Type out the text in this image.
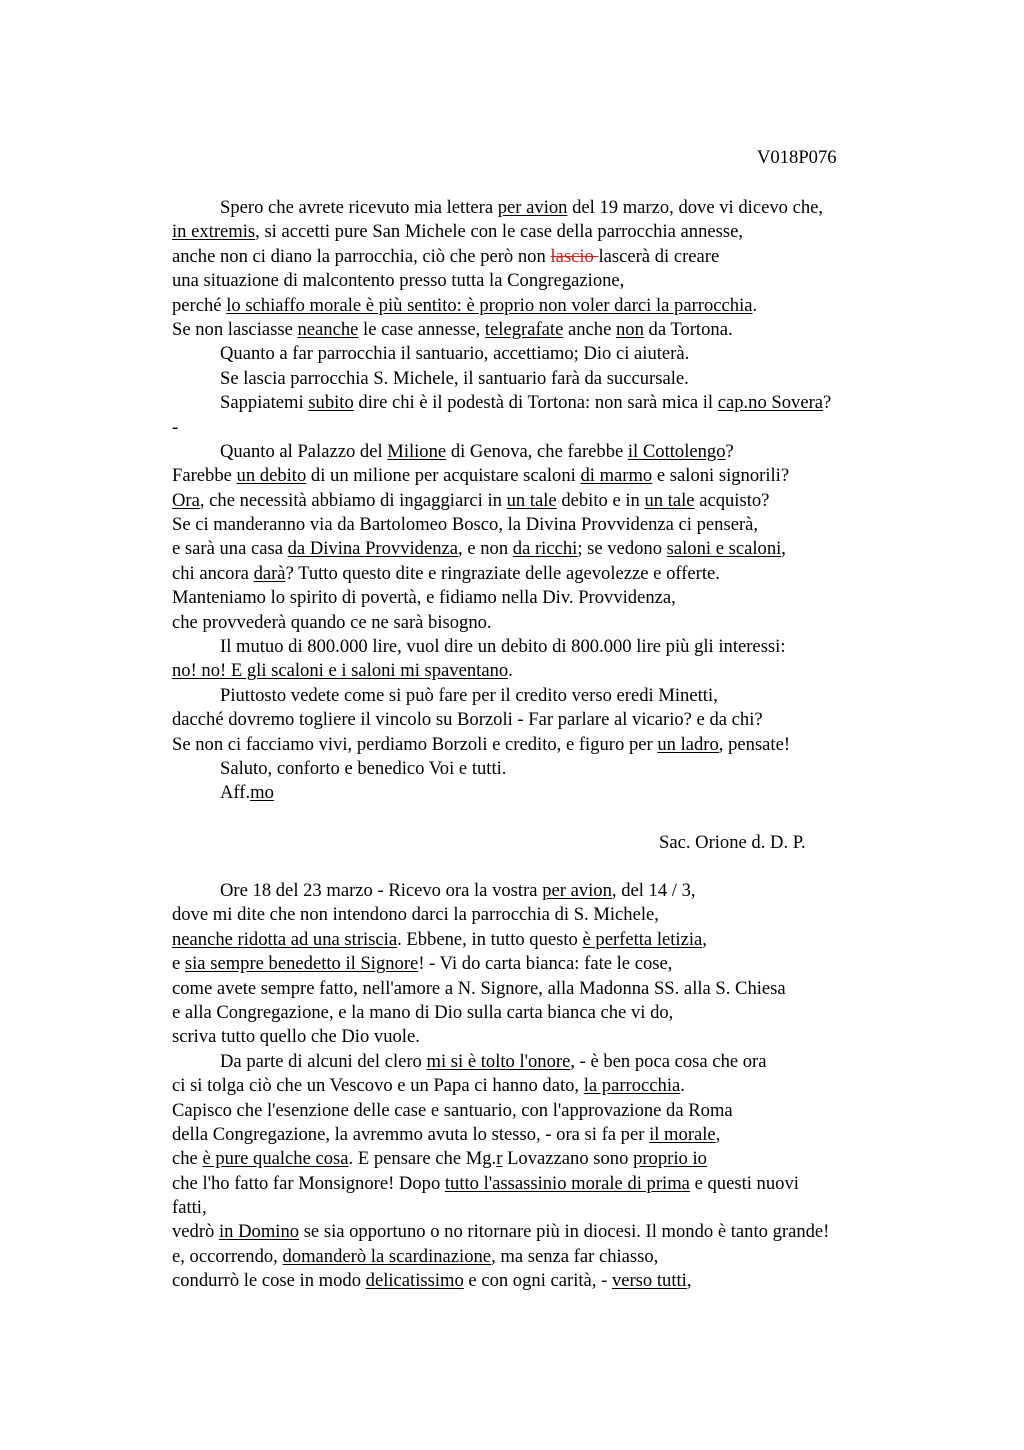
V018P076
Spero che avrete ricevuto mia lettera per avion del 19 marzo, dove vi dicevo che,
in extremis, si accetti pure San Michele con le case della parrocchia annesse,
anche non ci diano la parrocchia, ciò che però non lascio lascerà di creare
una situazione di malcontento presso tutta la Congregazione,
perché lo schiaffo morale è più sentito: è proprio non voler darci la parrocchia.
Se non lasciasse neanche le case annesse, telegrafate anche non da Tortona.
Quanto a far parrocchia il santuario, accettiamo; Dio ci aiuterà.
Se lascia parrocchia S. Michele, il santuario farà da succursale.
Sappiatemi subito dire chi è il podestà di Tortona: non sarà mica il cap.no Sovera?
-
Quanto al Palazzo del Milione di Genova, che farebbe il Cottolengo?
Farebbe un debito di un milione per acquistare scaloni di marmo e saloni signorili?
Ora, che necessità abbiamo di ingaggiarci in un tale debito e in un tale acquisto?
Se ci manderanno via da Bartolomeo Bosco, la Divina Provvidenza ci penserà,
e sarà una casa da Divina Provvidenza, e non da ricchi; se vedono saloni e scaloni,
chi ancora darà? Tutto questo dite e ringraziate delle agevolezze e offerte.
Manteniamo lo spirito di povertà, e fidiamo nella Div. Provvidenza,
che provvederà quando ce ne sarà bisogno.
Il mutuo di 800.000 lire, vuol dire un debito di 800.000 lire più gli interessi:
no! no! E gli scaloni e i saloni mi spaventano.
Piuttosto vedete come si può fare per il credito verso eredi Minetti,
dacché dovremo togliere il vincolo su Borzoli - Far parlare al vicario? e da chi?
Se non ci facciamo vivi, perdiamo Borzoli e credito, e figuro per un ladro, pensate!
Saluto, conforto e benedico Voi e tutti.
Aff.mo
Sac. Orione d. D. P.
Ore 18 del 23 marzo - Ricevo ora la vostra per avion, del 14 / 3,
dove mi dite che non intendono darci la parrocchia di S. Michele,
neanche ridotta ad una striscia. Ebbene, in tutto questo è perfetta letizia,
e sia sempre benedetto il Signore! - Vi do carta bianca: fate le cose,
come avete sempre fatto, nell'amore a N. Signore, alla Madonna SS. alla S. Chiesa
e alla Congregazione, e la mano di Dio sulla carta bianca che vi do,
scriva tutto quello che Dio vuole.
Da parte di alcuni del clero mi si è tolto l'onore, - è ben poca cosa che ora
ci si tolga ciò che un Vescovo e un Papa ci hanno dato, la parrocchia.
Capisco che l'esenzione delle case e santuario, con l'approvazione da Roma
della Congregazione, la avremmo avuta lo stesso, - ora si fa per il morale,
che è pure qualche cosa. E pensare che Mg.r Lovazzano sono proprio io
che l'ho fatto far Monsignore! Dopo tutto l'assassinio morale di prima e questi nuovi
fatti,
vedrò in Domino se sia opportuno o no ritornare più in diocesi. Il mondo è tanto grande!
e, occorrendo, domanderò la scardinazione, ma senza far chiasso,
condurrò le cose in modo delicatissimo e con ogni carità, - verso tutti,
